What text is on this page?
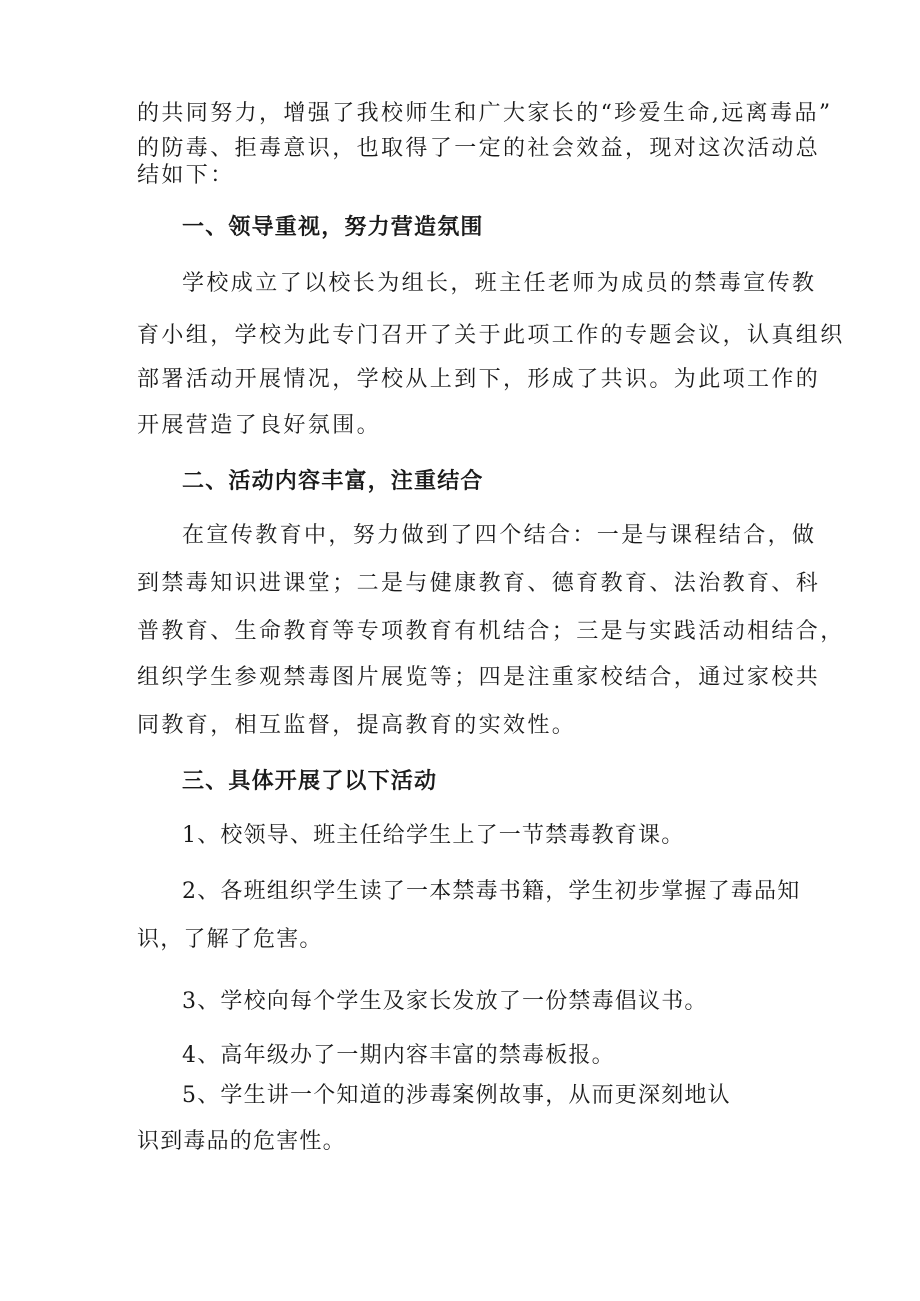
的共同努力，增强了我校师生和广大家长的“珍爱生命,远离毒品”
的防毒、拒毒意识，也取得了一定的社会效益，现对这次活动总
结如下：
一、领导重视，努力营造氛围
学校成立了以校长为组长，班主任老师为成员的禁毒宣传教
育小组，学校为此专门召开了关于此项工作的专题会议，认真组织
部署活动开展情况，学校从上到下，形成了共识。为此项工作的
开展营造了良好氛围。
二、活动内容丰富，注重结合
在宣传教育中，努力做到了四个结合：一是与课程结合，做
到禁毒知识进课堂；二是与健康教育、德育教育、法治教育、科
普教育、生命教育等专项教育有机结合；三是与实践活动相结合，
组织学生参观禁毒图片展览等；四是注重家校结合，通过家校共
同教育，相互监督，提高教育的实效性。
三、具体开展了以下活动
1、校领导、班主任给学生上了一节禁毒教育课。
2、各班组织学生读了一本禁毒书籍，学生初步掌握了毒品知
识，了解了危害。
3、学校向每个学生及家长发放了一份禁毒倡议书。
4、高年级办了一期内容丰富的禁毒板报。
5、学生讲一个知道的涉毒案例故事，从而更深刻地认
识到毒品的危害性。
